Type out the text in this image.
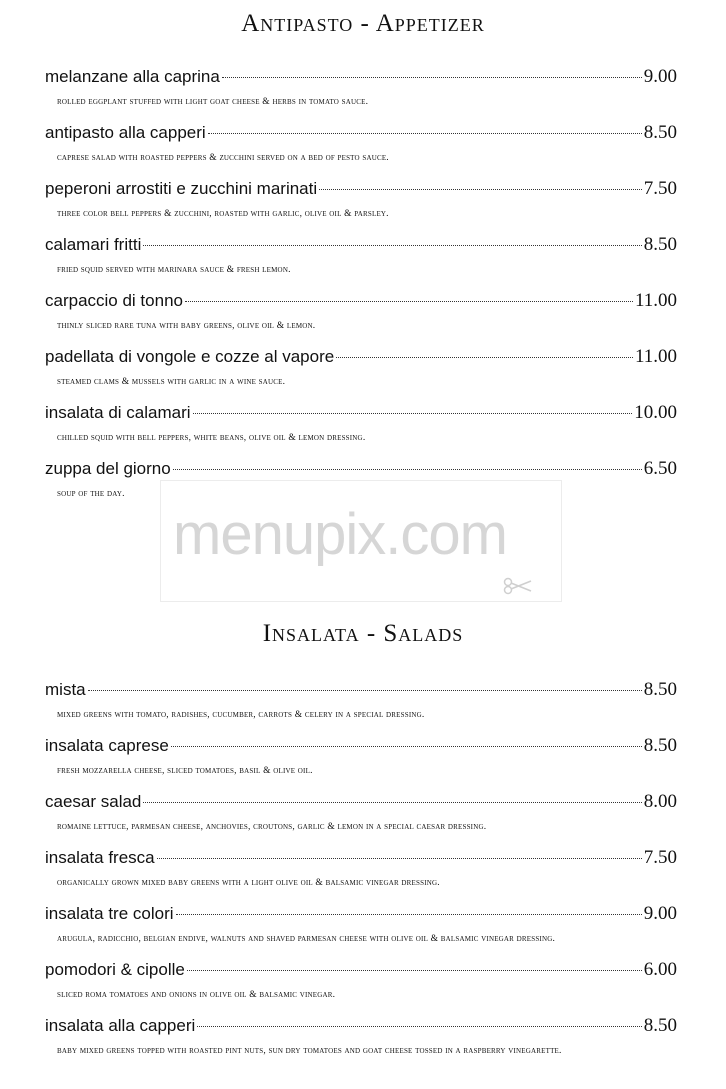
Antipasto - Appetizer
melanzane alla caprina	9.00
rolled eggplant stuffed with light goat cheese & herbs in tomato sauce.
antipasto alla capperi	8.50
caprese salad with roasted peppers & zucchini served on a bed of pesto sauce.
peperoni arrostiti e zucchini marinati	7.50
three color bell peppers & zucchini, roasted with garlic, olive oil & parsley.
calamari fritti	8.50
fried squid served with marinara sauce & fresh lemon.
carpaccio di tonno	11.00
thinly sliced rare tuna with baby greens, olive oil & lemon.
padellata di vongole e cozze al vapore	11.00
steamed clams & mussels with garlic in a wine sauce.
insalata di calamari	10.00
chilled squid with bell peppers, white beans, olive oil & lemon dressing.
zuppa del giorno	6.50
soup of the day.
menupix.com
Insalata - Salads
mista	8.50
mixed greens with tomato, radishes, cucumber, carrots & celery in a special dressing.
insalata caprese	8.50
fresh mozzarella cheese, sliced tomatoes, basil & olive oil.
caesar salad	8.00
romaine lettuce, parmesan cheese, anchovies, croutons, garlic & lemon in a special caesar dressing.
insalata fresca	7.50
organically grown mixed baby greens with a light olive oil & balsamic vinegar dressing.
insalata tre colori	9.00
arugula, radicchio, belgian endive, walnuts and shaved parmesan cheese with olive oil & balsamic vinegar dressing.
pomodori & cipolle	6.00
sliced roma tomatoes and onions in olive oil & balsamic vinegar.
insalata alla capperi	8.50
baby mixed greens topped with roasted pint nuts, sun dry tomatoes and goat cheese tossed in a raspberry vinegarette.
